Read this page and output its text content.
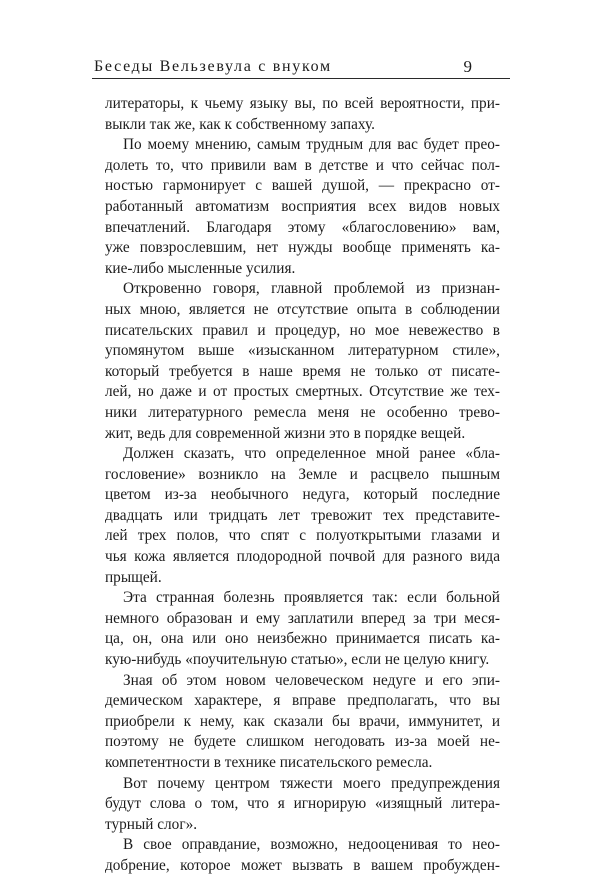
Беседы Вельзевула с внуком	9
литераторы, к чьему языку вы, по всей вероятности, при-
выкли так же, как к собственному запаху.
По моему мнению, самым трудным для вас будет прео-
долеть то, что привили вам в детстве и что сейчас пол-
ностью гармонирует с вашей душой, — прекрасно от-
работанный автоматизм восприятия всех видов новых
впечатлений. Благодаря этому «благословению» вам,
уже повзрослевшим, нет нужды вообще применять ка-
кие-либо мысленные усилия.
Откровенно говоря, главной проблемой из признан-
ных мною, является не отсутствие опыта в соблюдении
писательских правил и процедур, но мое невежество в
упомянутом выше «изысканном литературном стиле»,
который требуется в наше время не только от писате-
лей, но даже и от простых смертных. Отсутствие же тех-
ники литературного ремесла меня не особенно трево-
жит, ведь для современной жизни это в порядке вещей.
Должен сказать, что определенное мной ранее «бла-
гословение» возникло на Земле и расцвело пышным
цветом из-за необычного недуга, который последние
двадцать или тридцать лет тревожит тех представите-
лей трех полов, что спят с полуоткрытыми глазами и
чья кожа является плодородной почвой для разного вида
прыщей.
Эта странная болезнь проявляется так: если больной
немного образован и ему заплатили вперед за три меся-
ца, он, она или оно неизбежно принимается писать ка-
кую-нибудь «поучительную статью», если не целую книгу.
Зная об этом новом человеческом недуге и его эпи-
демическом характере, я вправе предполагать, что вы
приобрели к нему, как сказали бы врачи, иммунитет, и
поэтому не будете слишком негодовать из-за моей не-
компетентности в технике писательского ремесла.
Вот почему центром тяжести моего предупреждения
будут слова о том, что я игнорирую «изящный литера-
турный слог».
В свое оправдание, возможно, недооценивая то нео-
добрение, которое может вызвать в вашем пробужден-
